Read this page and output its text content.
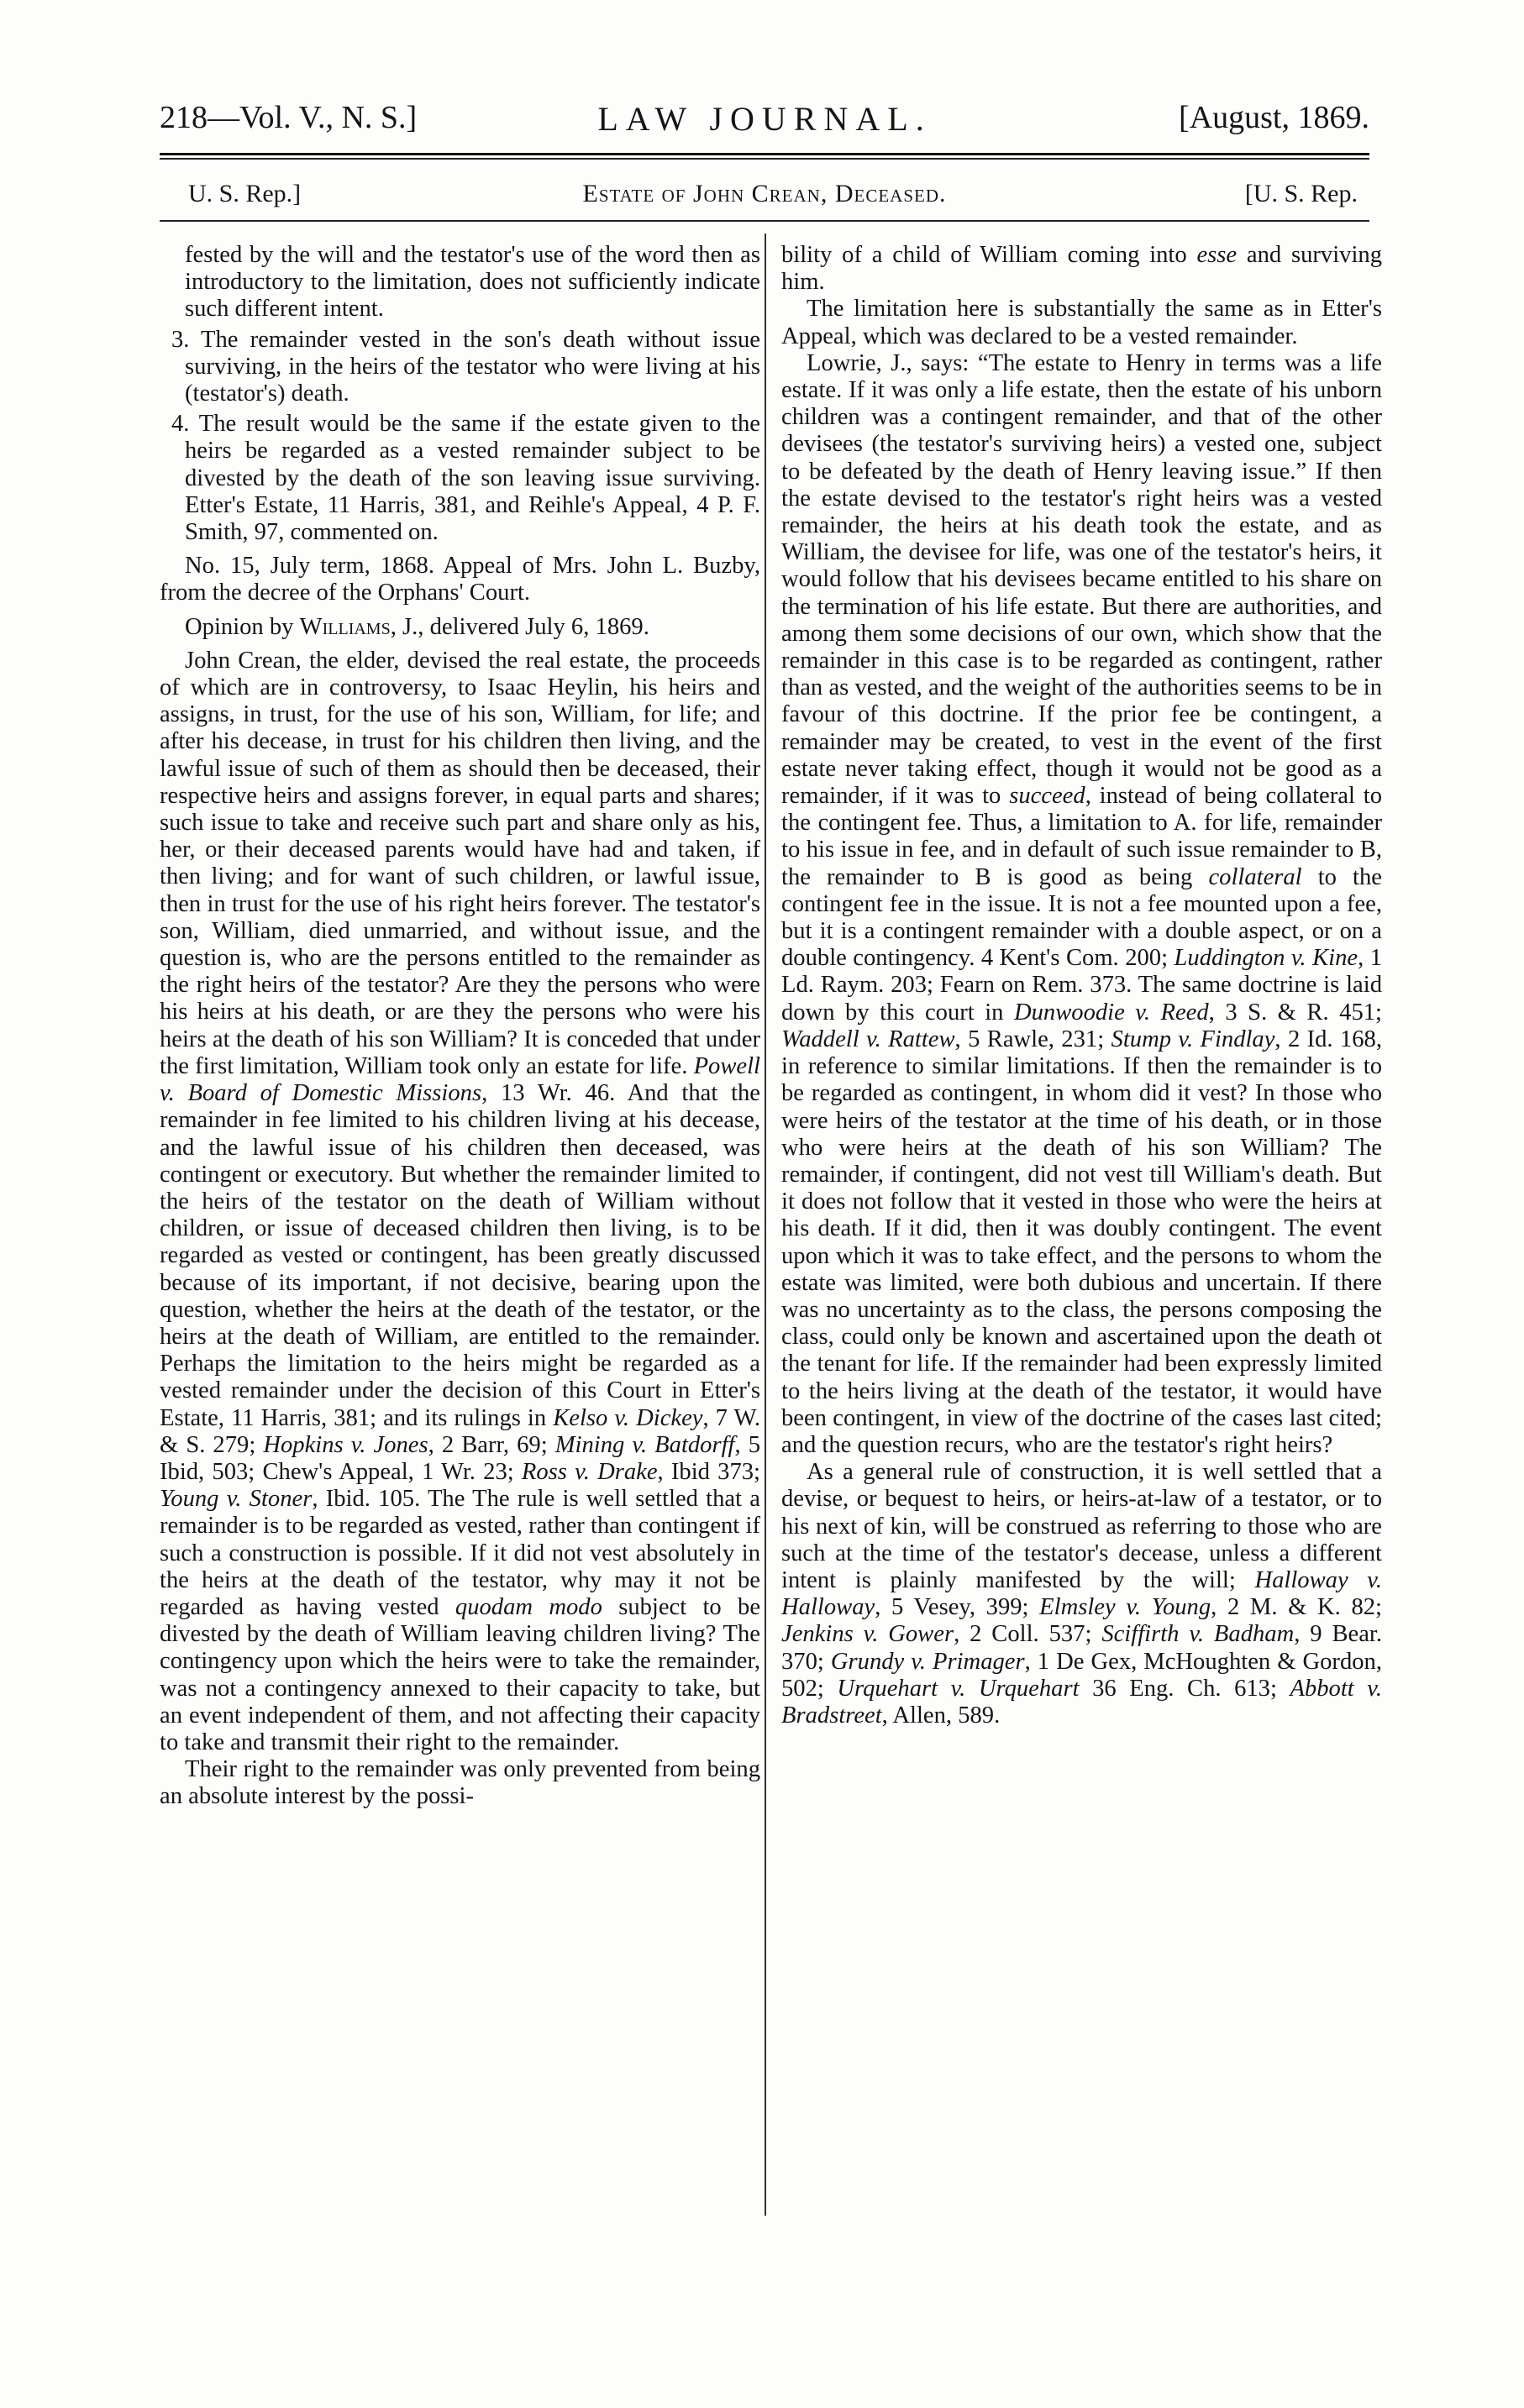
218—Vol. V., N. S.]	LAW JOURNAL.	[August, 1869.
U. S. Rep.]	Estate of John Crean, Deceased.	[U. S. Rep.

fested by the will and the testator's use of the word then as introductory to the limitation, does not sufficiently indicate such different intent.

3. The remainder vested in the son's death without issue surviving, in the heirs of the testator who were living at his (testator's) death.

4. The result would be the same if the estate given to the heirs be regarded as a vested remainder subject to be divested by the death of the son leaving issue surviving. Etter's Estate, 11 Harris, 381, and Reihle's Appeal, 4 P. F. Smith, 97, commented on.

No. 15, July term, 1868. Appeal of Mrs. John L. Buzby, from the decree of the Orphans' Court.

Opinion by Williams, J., delivered July 6, 1869.

John Crean, the elder, devised the real estate, the proceeds of which are in controversy, to Isaac Heylin, his heirs and assigns, in trust, for the use of his son, William, for life; and after his decease, in trust for his children then living, and the lawful issue of such of them as should then be deceased, their respective heirs and assigns forever, in equal parts and shares; such issue to take and receive such part and share only as his, her, or their deceased parents would have had and taken, if then living; and for want of such children, or lawful issue, then in trust for the use of his right heirs forever. The testator's son, William, died unmarried, and without issue, and the question is, who are the persons entitled to the remainder as the right heirs of the testator? Are they the persons who were his heirs at his death, or are they the persons who were his heirs at the death of his son William? It is conceded that under the first limitation, William took only an estate for life. Powell v. Board of Domestic Missions, 13 Wr. 46. And that the remainder in fee limited to his children living at his decease, and the lawful issue of his children then deceased, was contingent or executory. But whether the remainder limited to the heirs of the testator on the death of William without children, or issue of deceased children then living, is to be regarded as vested or contingent, has been greatly discussed because of its important, if not decisive, bearing upon the question, whether the heirs at the death of the testator, or the heirs at the death of William, are entitled to the remainder. Perhaps the limitation to the heirs might be regarded as a vested remainder under the decision of this Court in Etter's Estate, 11 Harris, 381; and its rulings in Kelso v. Dickey, 7 W. & S. 279; Hopkins v. Jones, 2 Barr, 69; Mining v. Batdorff, 5 Ibid, 503; Chew's Appeal, 1 Wr. 23; Ross v. Drake, Ibid 373; Young v. Stoner, Ibid. 105. The The rule is well settled that a remainder is to be regarded as vested, rather than contingent if such a construction is possible. If it did not vest absolutely in the heirs at the death of the testator, why may it not be regarded as having vested quodam modo subject to be divested by the death of William leaving children living? The contingency upon which the heirs were to take the remainder, was not a contingency annexed to their capacity to take, but an event independent of them, and not affecting their capacity to take and transmit their right to the remainder.

Their right to the remainder was only prevented from being an absolute interest by the possi-

bility of a child of William coming into esse and surviving him.

The limitation here is substantially the same as in Etter's Appeal, which was declared to be a vested remainder.

Lowrie, J., says: “The estate to Henry in terms was a life estate. If it was only a life estate, then the estate of his unborn children was a contingent remainder, and that of the other devisees (the testator's surviving heirs) a vested one, subject to be defeated by the death of Henry leaving issue.” If then the estate devised to the testator's right heirs was a vested remainder, the heirs at his death took the estate, and as William, the devisee for life, was one of the testator's heirs, it would follow that his devisees became entitled to his share on the termination of his life estate. But there are authorities, and among them some decisions of our own, which show that the remainder in this case is to be regarded as contingent, rather than as vested, and the weight of the authorities seems to be in favour of this doctrine. If the prior fee be contingent, a remainder may be created, to vest in the event of the first estate never taking effect, though it would not be good as a remainder, if it was to succeed, instead of being collateral to the contingent fee. Thus, a limitation to A. for life, remainder to his issue in fee, and in default of such issue remainder to B, the remainder to B is good as being collateral to the contingent fee in the issue. It is not a fee mounted upon a fee, but it is a contingent remainder with a double aspect, or on a double contingency. 4 Kent's Com. 200; Luddington v. Kine, 1 Ld. Raym. 203; Fearn on Rem. 373. The same doctrine is laid down by this court in Dunwoodie v. Reed, 3 S. & R. 451; Waddell v. Rattew, 5 Rawle, 231; Stump v. Findlay, 2 Id. 168, in reference to similar limitations. If then the remainder is to be regarded as contingent, in whom did it vest? In those who were heirs of the testator at the time of his death, or in those who were heirs at the death of his son William? The remainder, if contingent, did not vest till William's death. But it does not follow that it vested in those who were the heirs at his death. If it did, then it was doubly contingent. The event upon which it was to take effect, and the persons to whom the estate was limited, were both dubious and uncertain. If there was no uncertainty as to the class, the persons composing the class, could only be known and ascertained upon the death ot the tenant for life. If the remainder had been expressly limited to the heirs living at the death of the testator, it would have been contingent, in view of the doctrine of the cases last cited; and the question recurs, who are the testator's right heirs?

As a general rule of construction, it is well settled that a devise, or bequest to heirs, or heirs-at-law of a testator, or to his next of kin, will be construed as referring to those who are such at the time of the testator's decease, unless a different intent is plainly manifested by the will; Halloway v. Halloway, 5 Vesey, 399; Elmsley v. Young, 2 M. & K. 82; Jenkins v. Gower, 2 Coll. 537; Sciffirth v. Badham, 9 Bear. 370; Grundy v. Primager, 1 De Gex, McHoughten & Gordon, 502; Urquehart v. Urquehart 36 Eng. Ch. 613; Abbott v. Bradstreet, Allen, 589.
